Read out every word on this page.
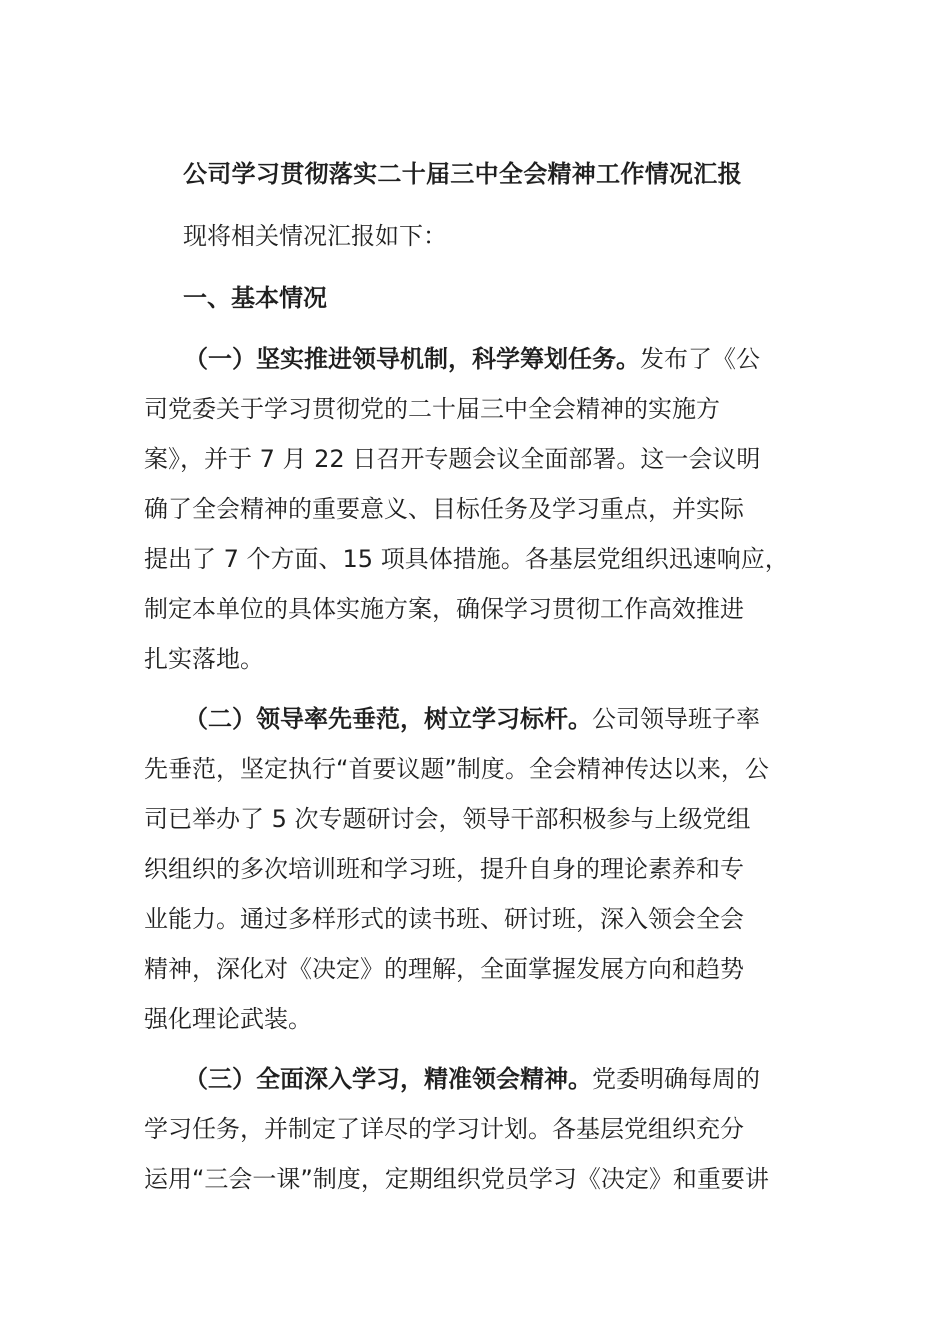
公司学习贯彻落实二十届三中全会精神工作情况汇报
现将相关情况汇报如下：
一、基本情况
（一）坚实推进领导机制，科学筹划任务。发布了《公
司党委关于学习贯彻党的二十届三中全会精神的实施方
案》，并于 7 月 22 日召开专题会议全面部署。这一会议明
确了全会精神的重要意义、目标任务及学习重点，并实际
提出了 7 个方面、15 项具体措施。各基层党组织迅速响应，
制定本单位的具体实施方案，确保学习贯彻工作高效推进
扎实落地。
（二）领导率先垂范，树立学习标杆。公司领导班子率
先垂范，坚定执行“首要议题”制度。全会精神传达以来，公
司已举办了 5 次专题研讨会，领导干部积极参与上级党组
织组织的多次培训班和学习班，提升自身的理论素养和专
业能力。通过多样形式的读书班、研讨班，深入领会全会
精神，深化对《决定》的理解，全面掌握发展方向和趋势
强化理论武装。
（三）全面深入学习，精准领会精神。党委明确每周的
学习任务，并制定了详尽的学习计划。各基层党组织充分
运用“三会一课”制度，定期组织党员学习《决定》和重要讲
